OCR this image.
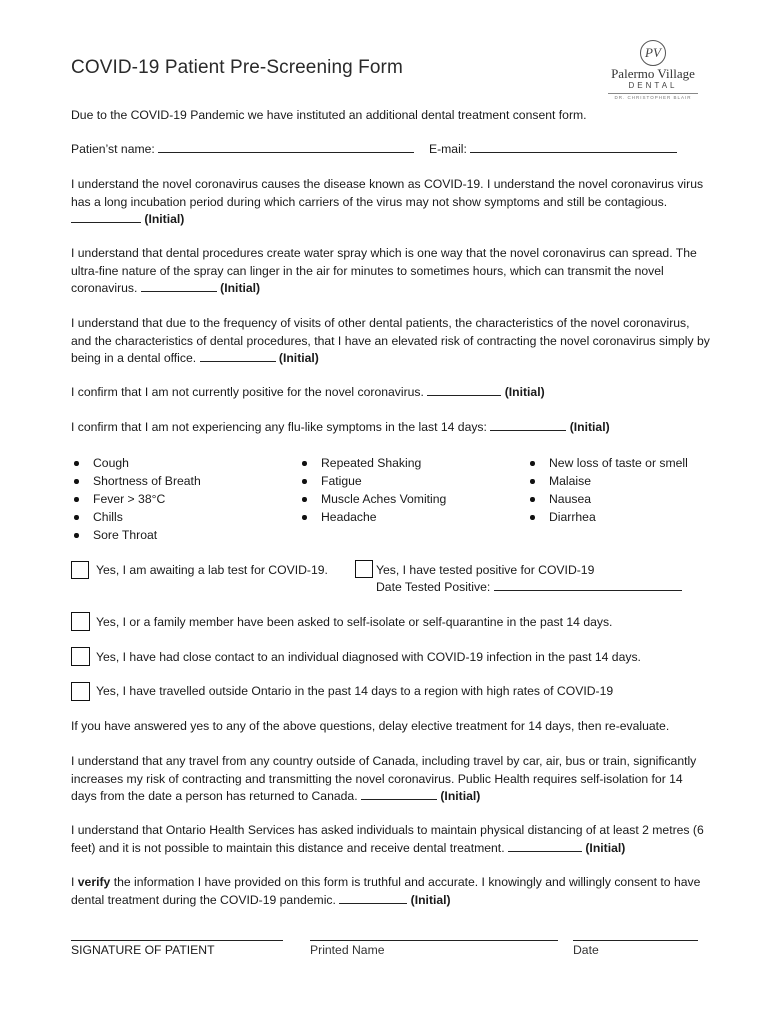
COVID-19 Patient Pre-Screening Form
PV
Palermo Village
DENTAL
DR. CHRISTOPHER BLAIR
Due to the COVID-19 Pandemic we have instituted an additional dental treatment consent form.
Patien’st name:	E-mail:
I understand the novel coronavirus causes the disease known as COVID-19. I understand the novel coronavirus virus has a long incubation period during which carriers of the virus may not show symptoms and still be contagious.  (Initial)
I understand that dental procedures create water spray which is one way that the novel coronavirus can spread. The ultra-fine nature of the spray can linger in the air for minutes to sometimes hours, which can transmit the novel coronavirus.	(Initial)
I understand that due to the frequency of visits of other dental patients, the characteristics of the novel coronavirus, and the characteristics of dental procedures, that I have an elevated risk of contracting the novel coronavirus simply by being in a dental office.	(Initial)
I confirm that I am not currently positive for the novel coronavirus.	(Initial)
I confirm that I am not experiencing any flu-like symptoms in the last 14 days:	(Initial)
Cough
Shortness of Breath
Fever > 38°C
Chills
Sore Throat
Repeated Shaking
Fatigue
Muscle Aches Vomiting
Headache
New loss of taste or smell
Malaise
Nausea
Diarrhea
Yes, I am awaiting a lab test for COVID-19.	Yes, I have tested positive for COVID-19
Date Tested Positive:
Yes, I or a family member have been asked to self-isolate or self-quarantine in the past 14 days.
Yes, I have had close contact to an individual diagnosed with COVID-19 infection in the past 14 days.
Yes, I have travelled outside Ontario in the past 14 days to a region with high rates of COVID-19
If you have answered yes to any of the above questions, delay elective treatment for 14 days, then re-evaluate.
I understand that any travel from any country outside of Canada, including travel by car, air, bus or train, significantly increases my risk of contracting and transmitting the novel coronavirus. Public Health requires self-isolation for 14 days from the date a person has returned to Canada.	(Initial)
I understand that Ontario Health Services has asked individuals to maintain physical distancing of at least 2 metres (6 feet) and it is not possible to maintain this distance and receive dental treatment.	(Initial)
I verify the information I have provided on this form is truthful and accurate. I knowingly and willingly consent to have dental treatment during the COVID-19 pandemic.	(Initial)
SIGNATURE OF PATIENT	Printed Name	Date
